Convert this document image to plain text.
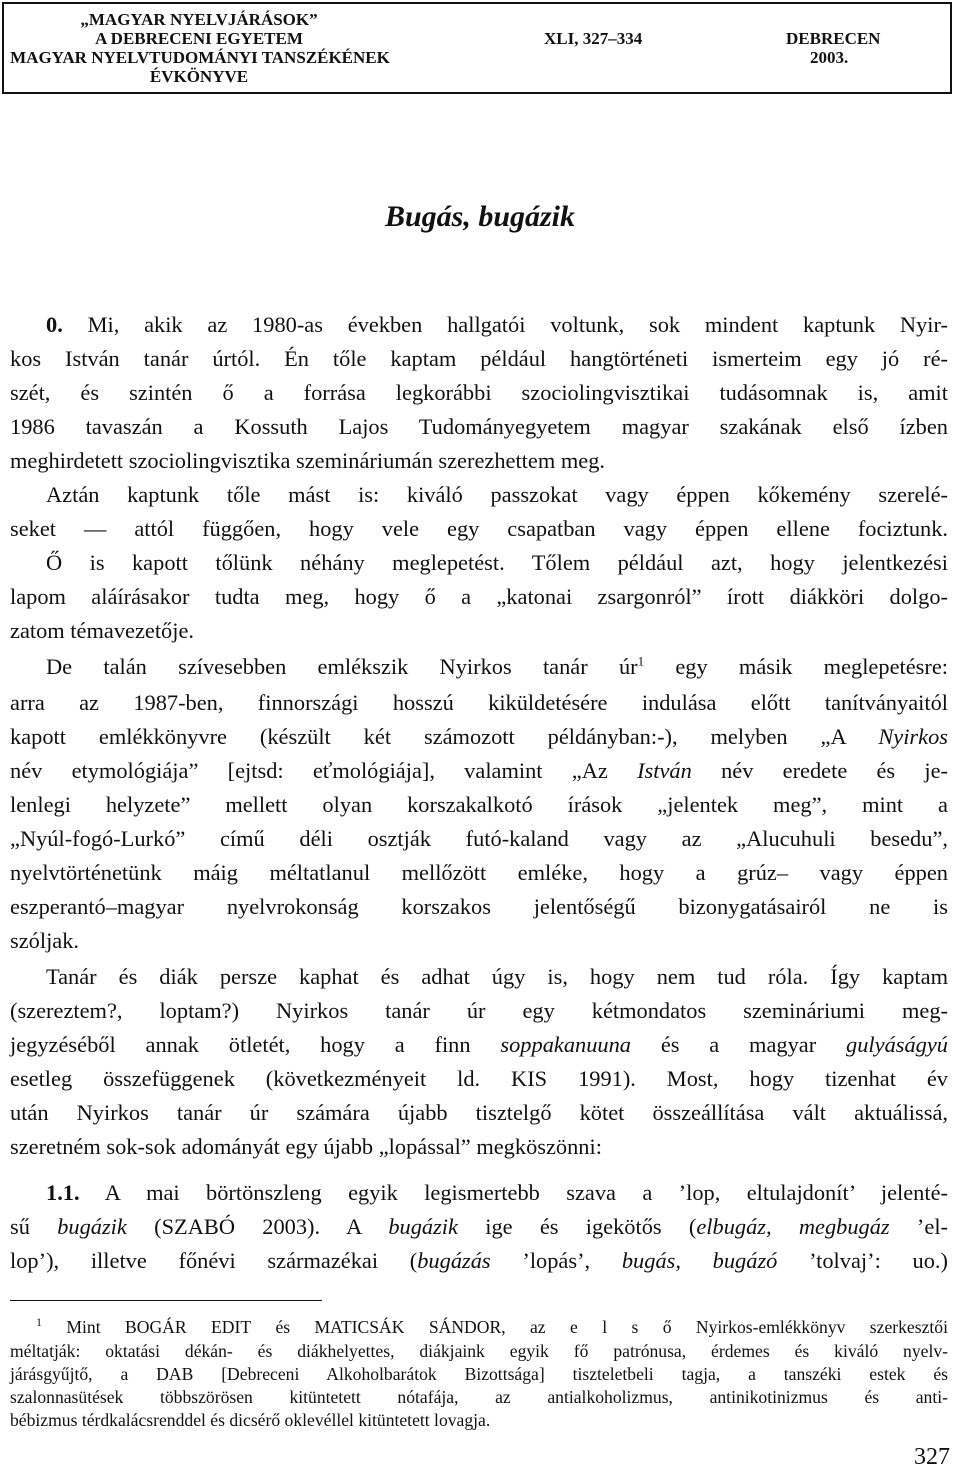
„MAGYAR NYELVJÁRÁSOK”
A DEBRECENI EGYETEM
MAGYAR NYELVTUDOMÁNYI TANSZÉKÉNEK
ÉVKÖNYVE
XLI, 327–334	DEBRECEN
2003.
Bugás, bugázik
0. Mi, akik az 1980-as években hallgatói voltunk, sok mindent kaptunk Nyir-
kos István tanár úrtól. Én tőle kaptam például hangtörténeti ismerteim egy jó ré-
szét, és szintén ő a forrása legkorábbi szociolingvisztikai tudásomnak is, amit
1986 tavaszán a Kossuth Lajos Tudományegyetem magyar szakának első ízben
meghirdetett szociolingvisztika szemináriumán szerezhettem meg.
Aztán kaptunk tőle mást is: kiváló passzokat vagy éppen kőkemény szerelé-
seket — attól függően, hogy vele egy csapatban vagy éppen ellene fociztunk.
Ő is kapott tőlünk néhány meglepetést. Tőlem például azt, hogy jelentkezési
lapom aláírásakor tudta meg, hogy ő a „katonai zsargonról” írott diákköri dolgo-
zatom témavezetője.
De talán szívesebben emlékszik Nyirkos tanár $úr^1$ egy másik meglepetésre:
arra az 1987-ben, finnországi hosszú kiküldetésére indulása előtt tanítványaitól
kapott emlékkönyvre (készült két számozott példányban:-), melyben „A Nyirkos
név etymológiája” [ejtsd: eťmológiája], valamint „Az István név eredete és je-
lenlegi helyzete” mellett olyan korszakalkotó írások „jelentek meg”, mint a
„Nyúl-fogó-Lurkó” című déli osztják futó-kaland vagy az „Alucuhuli besedu”,
nyelvtörténetünk máig méltatlanul mellőzött emléke, hogy a grúz– vagy éppen
eszperantó–magyar nyelvrokonság korszakos jelentőségű bizonygatásairól ne is
szóljak.
Tanár és diák persze kaphat és adhat úgy is, hogy nem tud róla. Így kaptam
(szereztem?, loptam?) Nyirkos tanár úr egy kétmondatos szemináriumi meg-
jegyzéséből annak ötletét, hogy a finn soppakanuuna és a magyar gulyáságyú
esetleg összefüggenek (következményeit ld. KIS 1991). Most, hogy tizenhat év
után Nyirkos tanár úr számára újabb tisztelgő kötet összeállítása vált aktuálissá,
szeretném sok-sok adományát egy újabb „lopással” megköszönni:
1.1. A mai börtönszleng egyik legismertebb szava a ’lop, eltulajdonít’ jelenté-
sű bugázik (SZABÓ 2003). A bugázik ige és igekötős (elbugáz, megbugáz ’el-
lop’), illetve főnévi származékai (bugázás ’lopás’, bugás, bugázó ’tolvaj’: uo.)
$^1$ Mint BOGÁR EDIT és MATICSÁK SÁNDOR, az e l s ő Nyirkos-emlékkönyv szerkesztői
méltatják: oktatási dékán- és diákhelyettes, diákjaink egyik fő patrónusa, érdemes és kiváló nyelv-
járásgyűjtő, a DAB [Debreceni Alkoholbarátok Bizottsága] tiszteletbeli tagja, a tanszéki estek és
szalonnasütések többszörösen kitüntetett nótafája, az antialkoholizmus, antinikotinizmus és anti-
bébizmus térdkalácsrenddel és dicsérő oklevéllel kitüntetett lovagja.
327
